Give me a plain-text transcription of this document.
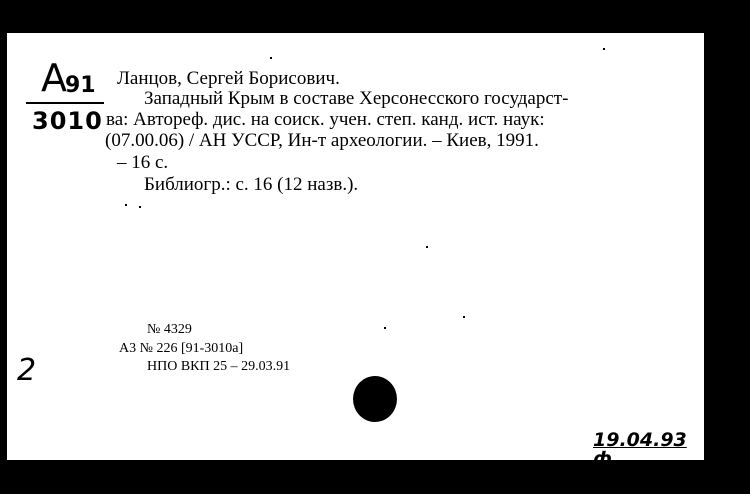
А
91
3010
Ланцов, Сергей Борисович.
Западный Крым в составе Херсонесского государст-
ва: Автореф. дис. на соиск. учен. степ. канд. ист. наук:
(07.00.06) / АН УССР, Ин-т археологии. – Киев, 1991.
– 16 с.
Библиогр.: с. 16 (12 назв.).
№ 4329
А3 № 226 [91-3010а]
НПО ВКП 25 – 29.03.91
2
19.04.93 ф
